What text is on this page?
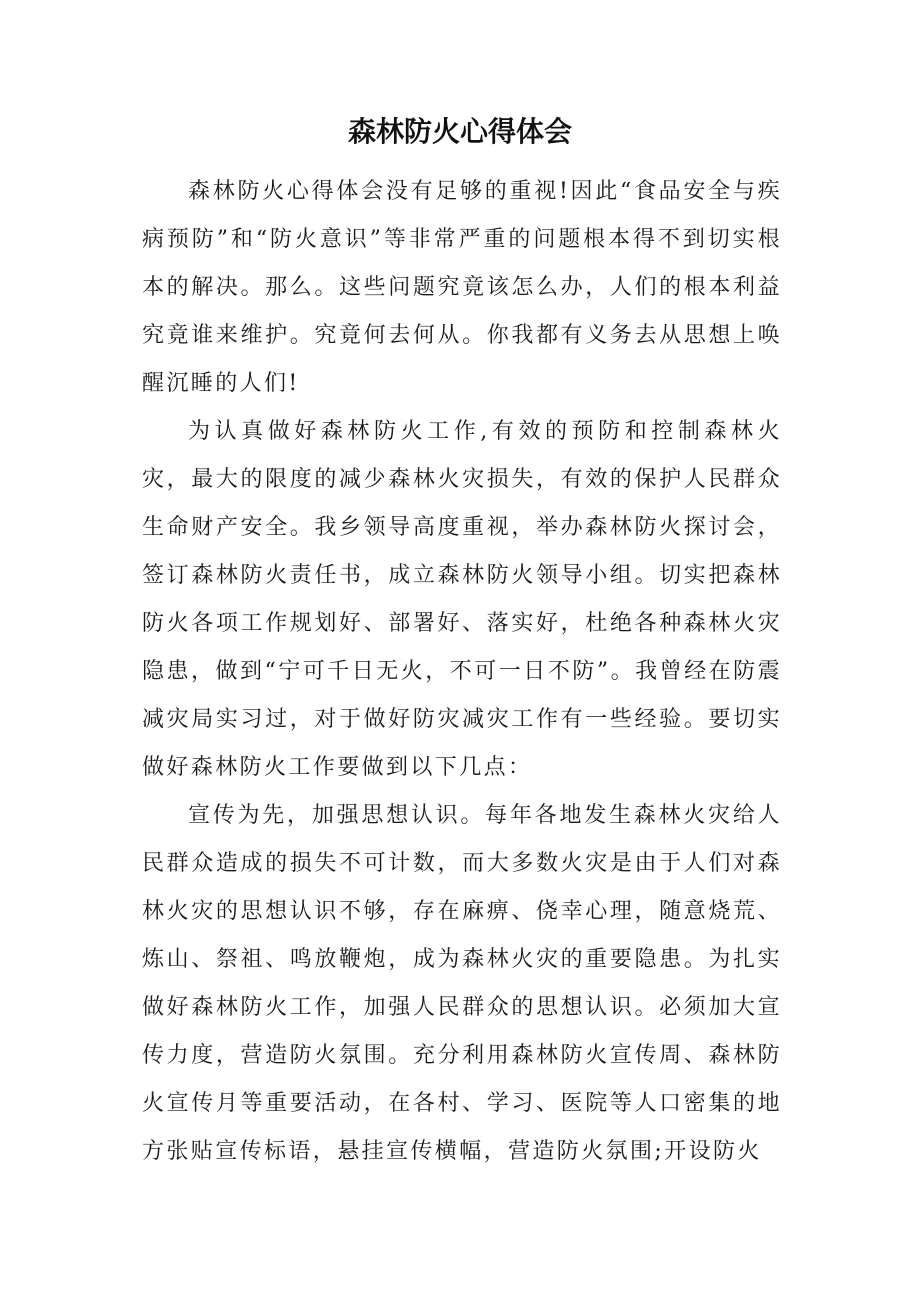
森林防火心得体会

森林防火心得体会没有足够的重视!因此“食品安全与疾病预防”和“防火意识”等非常严重的问题根本得不到切实根本的解决。那么。这些问题究竟该怎么办，人们的根本利益究竟谁来维护。究竟何去何从。你我都有义务去从思想上唤醒沉睡的人们!

为认真做好森林防火工作,有效的预防和控制森林火灾，最大的限度的减少森林火灾损失，有效的保护人民群众生命财产安全。我乡领导高度重视，举办森林防火探讨会，签订森林防火责任书，成立森林防火领导小组。切实把森林防火各项工作规划好、部署好、落实好，杜绝各种森林火灾隐患，做到“宁可千日无火，不可一日不防”。我曾经在防震减灾局实习过，对于做好防灾减灾工作有一些经验。要切实做好森林防火工作要做到以下几点：

宣传为先，加强思想认识。每年各地发生森林火灾给人民群众造成的损失不可计数，而大多数火灾是由于人们对森林火灾的思想认识不够，存在麻痹、侥幸心理，随意烧荒、炼山、祭祖、鸣放鞭炮，成为森林火灾的重要隐患。为扎实做好森林防火工作，加强人民群众的思想认识。必须加大宣传力度，营造防火氛围。充分利用森林防火宣传周、森林防火宣传月等重要活动，在各村、学习、医院等人口密集的地方张贴宣传标语，悬挂宣传横幅，营造防火氛围;开设防火
